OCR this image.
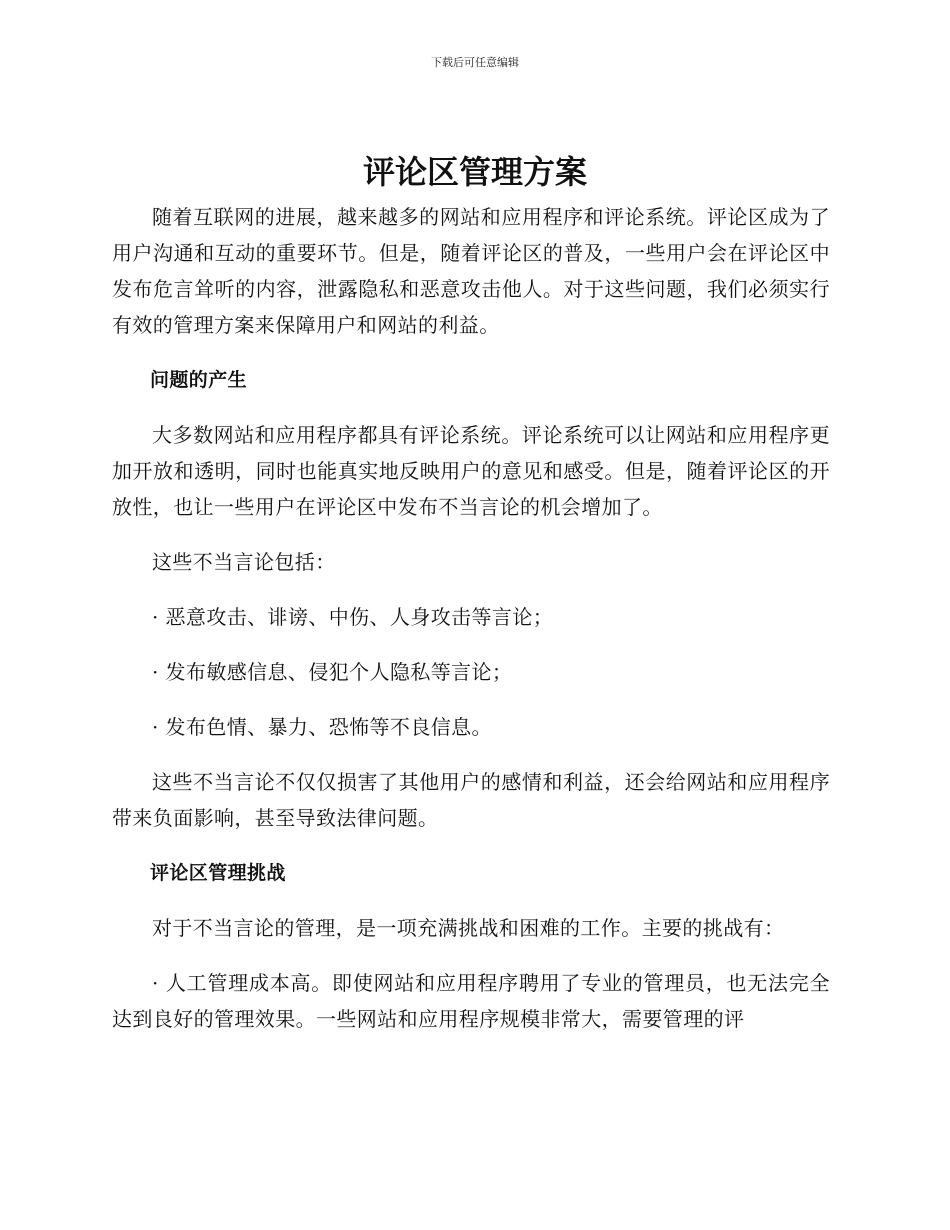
下载后可任意编辑
评论区管理方案

随着互联网的进展，越来越多的网站和应用程序和评论系统。评论区成为了用户沟通和互动的重要环节。但是，随着评论区的普及，一些用户会在评论区中发布危言耸听的内容，泄露隐私和恶意攻击他人。对于这些问题，我们必须实行有效的管理方案来保障用户和网站的利益。

问题的产生

大多数网站和应用程序都具有评论系统。评论系统可以让网站和应用程序更加开放和透明，同时也能真实地反映用户的意见和感受。但是，随着评论区的开放性，也让一些用户在评论区中发布不当言论的机会增加了。

这些不当言论包括：

· 恶意攻击、诽谤、中伤、人身攻击等言论；

· 发布敏感信息、侵犯个人隐私等言论；

· 发布色情、暴力、恐怖等不良信息。

这些不当言论不仅仅损害了其他用户的感情和利益，还会给网站和应用程序带来负面影响，甚至导致法律问题。

评论区管理挑战

对于不当言论的管理，是一项充满挑战和困难的工作。主要的挑战有：

· 人工管理成本高。即使网站和应用程序聘用了专业的管理员，也无法完全达到良好的管理效果。一些网站和应用程序规模非常大，需要管理的评
